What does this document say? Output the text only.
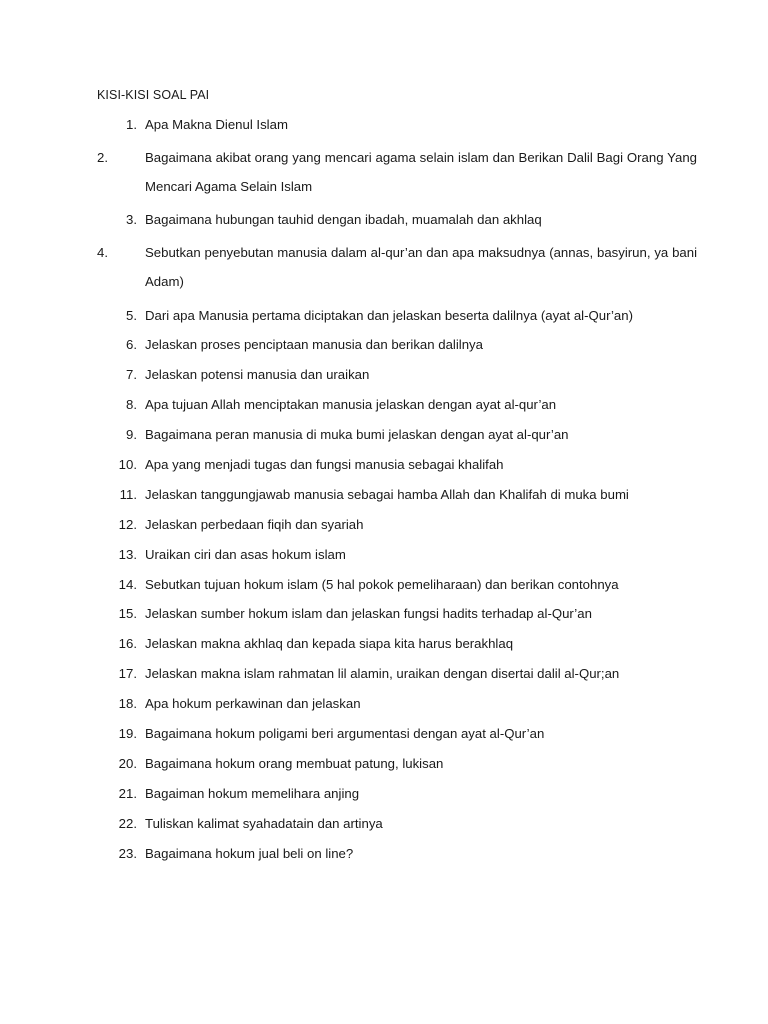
KISI-KISI SOAL PAI
1. Apa Makna Dienul Islam
2.	Bagaimana akibat orang yang mencari agama selain islam dan Berikan Dalil Bagi Orang Yang Mencari Agama Selain Islam
3. Bagaimana hubungan tauhid dengan ibadah, muamalah dan akhlaq
4.	Sebutkan penyebutan manusia dalam al-qur’an dan apa maksudnya (annas, basyirun, ya bani Adam)
5. Dari apa Manusia pertama diciptakan dan jelaskan beserta dalilnya (ayat al-Qur’an)
6. Jelaskan proses penciptaan manusia dan berikan dalilnya
7. Jelaskan potensi manusia dan uraikan
8. Apa tujuan Allah menciptakan manusia jelaskan dengan ayat al-qur’an
9. Bagaimana peran manusia di muka bumi jelaskan dengan ayat al-qur’an
10. Apa yang menjadi tugas dan fungsi manusia sebagai khalifah
11. Jelaskan tanggungjawab manusia sebagai hamba Allah dan Khalifah di muka bumi
12. Jelaskan perbedaan fiqih dan syariah
13. Uraikan ciri dan asas hokum islam
14. Sebutkan tujuan hokum islam (5 hal pokok pemeliharaan) dan berikan contohnya
15. Jelaskan sumber hokum islam dan jelaskan fungsi hadits terhadap al-Qur’an
16. Jelaskan makna akhlaq dan kepada siapa kita harus berakhlaq
17. Jelaskan makna islam rahmatan lil alamin, uraikan dengan disertai dalil al-Qur;an
18. Apa hokum perkawinan dan jelaskan
19. Bagaimana hokum poligami beri argumentasi dengan ayat al-Qur’an
20. Bagaimana hokum orang membuat patung, lukisan
21. Bagaiman hokum memelihara anjing
22. Tuliskan kalimat syahadatain dan artinya
23. Bagaimana hokum jual beli on line?
